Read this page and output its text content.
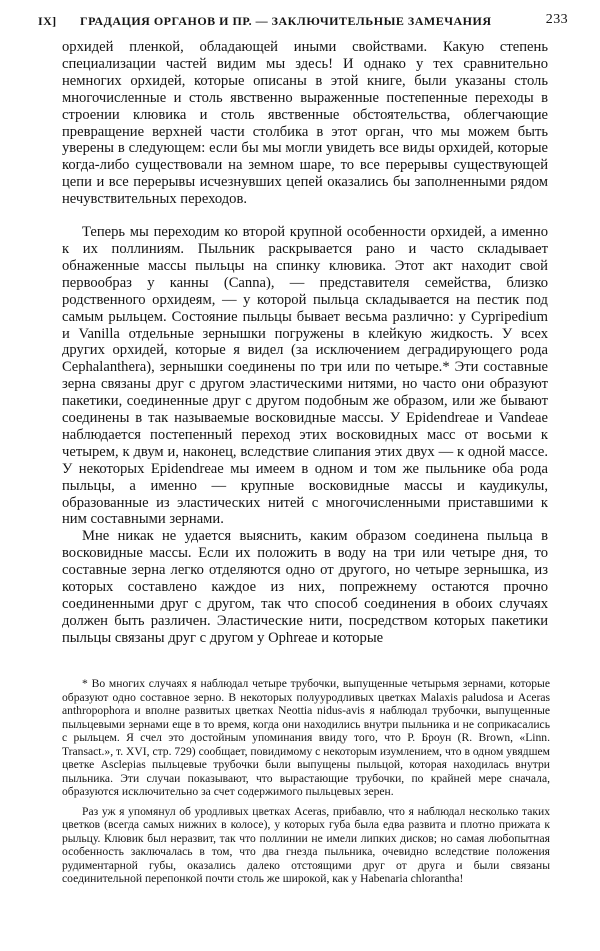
IX] ГРАДАЦИЯ ОРГАНОВ И ПР. — ЗАКЛЮЧИТЕЛЬНЫЕ ЗАМЕЧАНИЯ	233

орхидей пленкой, обладающей иными свойствами. Какую степень специализации частей видим мы здесь! И однако у тех сравнительно немногих орхидей, которые описаны в этой книге, были указаны столь многочисленные и столь явственно выраженные постепенные переходы в строении клювика и столь явственные обстоятельства, облегчающие превращение верхней части столбика в этот орган, что мы можем быть уверены в следующем: если бы мы могли увидеть все виды орхидей, которые когда-либо существовали на земном шаре, то все перерывы существующей цепи и все перерывы исчезнувших цепей оказались бы заполненными рядом нечувствительных переходов.

Теперь мы переходим ко второй крупной особенности орхидей, а именно к их поллиниям. Пыльник раскрывается рано и часто складывает обнаженные массы пыльцы на спинку клювика. Этот акт находит свой первообраз у канны (Canna), — представителя семейства, близко родственного орхидеям, — у которой пыльца складывается на пестик под самым рыльцем. Состояние пыльцы бывает весьма различно: у Cypripedium и Vanilla отдельные зернышки погружены в клейкую жидкость. У всех других орхидей, которые я видел (за исключением деградирующего рода Cephalanthera), зернышки соединены по три или по четыре.* Эти составные зерна связаны друг с другом эластическими нитями, но часто они образуют пакетики, соединенные друг с другом подобным же образом, или же бывают соединены в так называемые восковидные массы. У Epidendreae и Vandeae наблюдается постепенный переход этих восковидных масс от восьми к четырем, к двум и, наконец, вследствие слипания этих двух — к одной массе. У некоторых Epidendreae мы имеем в одном и том же пыльнике оба рода пыльцы, а именно — крупные восковидные массы и каудикулы, образованные из эластических нитей с многочисленными приставшими к ним составными зернами.

Мне никак не удается выяснить, каким образом соединена пыльца в восковидные массы. Если их положить в воду на три или четыре дня, то составные зерна легко отделяются одно от другого, но четыре зернышка, из которых составлено каждое из них, попрежнему остаются прочно соединенными друг с другом, так что способ соединения в обоих случаях должен быть различен. Эластические нити, посредством которых пакетики пыльцы связаны друг с другом у Ophreae и которые

* Во многих случаях я наблюдал четыре трубочки, выпущенные четырьмя зернами, которые образуют одно составное зерно. В некоторых полууродливых цветках Malaxis paludosa и Aceras anthropophora и вполне развитых цветках Neottia nidus-avis я наблюдал трубочки, выпущенные пыльцевыми зернами еще в то время, когда они находились внутри пыльника и не соприкасались с рыльцем. Я счел это достойным упоминания ввиду того, что Р. Броун (R. Brown, «Linn. Transact.», т. XVI, стр. 729) сообщает, повидимому с некоторым изумлением, что в одном увядшем цветке Asclepias пыльцевые трубочки были выпущены пыльцой, которая находилась внутри пыльника. Эти случаи показывают, что вырастающие трубочки, по крайней мере сначала, образуются исключительно за счет содержимого пыльцевых зерен.

Раз уж я упомянул об уродливых цветках Aceras, прибавлю, что я наблюдал несколько таких цветков (всегда самых нижних в колосе), у которых губа была едва развита и плотно прижата к рыльцу. Клювик был неразвит, так что поллинии не имели липких дисков; но самая любопытная особенность заключалась в том, что два гнезда пыльника, очевидно вследствие положения рудиментарной губы, оказались далеко отстоящими друг от друга и были связаны соединительной перепонкой почти столь же широкой, как у Habenaria chlorantha!
